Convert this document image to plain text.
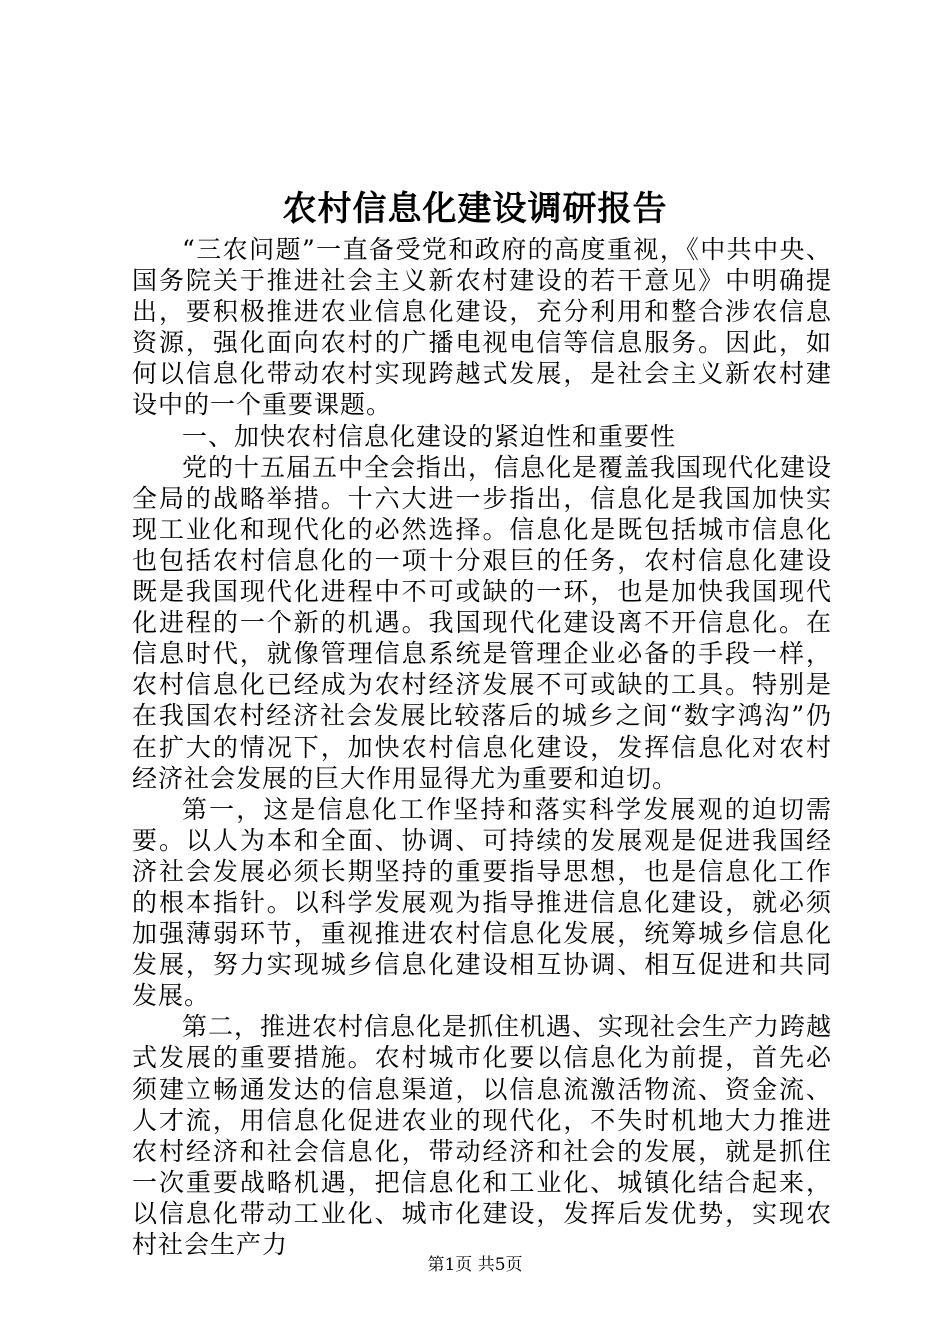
农村信息化建设调研报告

“三农问题”一直备受党和政府的高度重视，《中共中央、国务院关于推进社会主义新农村建设的若干意见》中明确提出，要积极推进农业信息化建设，充分利用和整合涉农信息资源，强化面向农村的广播电视电信等信息服务。因此，如何以信息化带动农村实现跨越式发展，是社会主义新农村建设中的一个重要课题。

一、加快农村信息化建设的紧迫性和重要性

党的十五届五中全会指出，信息化是覆盖我国现代化建设全局的战略举措。十六大进一步指出，信息化是我国加快实现工业化和现代化的必然选择。信息化是既包括城市信息化也包括农村信息化的一项十分艰巨的任务，农村信息化建设既是我国现代化进程中不可或缺的一环，也是加快我国现代化进程的一个新的机遇。我国现代化建设离不开信息化。在信息时代，就像管理信息系统是管理企业必备的手段一样，农村信息化已经成为农村经济发展不可或缺的工具。特别是在我国农村经济社会发展比较落后的城乡之间“数字鸿沟”仍在扩大的情况下，加快农村信息化建设，发挥信息化对农村经济社会发展的巨大作用显得尤为重要和迫切。

第一，这是信息化工作坚持和落实科学发展观的迫切需要。以人为本和全面、协调、可持续的发展观是促进我国经济社会发展必须长期坚持的重要指导思想，也是信息化工作的根本指针。以科学发展观为指导推进信息化建设，就必须加强薄弱环节，重视推进农村信息化发展，统筹城乡信息化发展，努力实现城乡信息化建设相互协调、相互促进和共同发展。

第二，推进农村信息化是抓住机遇、实现社会生产力跨越式发展的重要措施。农村城市化要以信息化为前提，首先必须建立畅通发达的信息渠道，以信息流激活物流、资金流、人才流，用信息化促进农业的现代化，不失时机地大力推进农村经济和社会信息化，带动经济和社会的发展，就是抓住一次重要战略机遇，把信息化和工业化、城镇化结合起来，以信息化带动工业化、城市化建设，发挥后发优势，实现农村社会生产力

第1页 共5页
